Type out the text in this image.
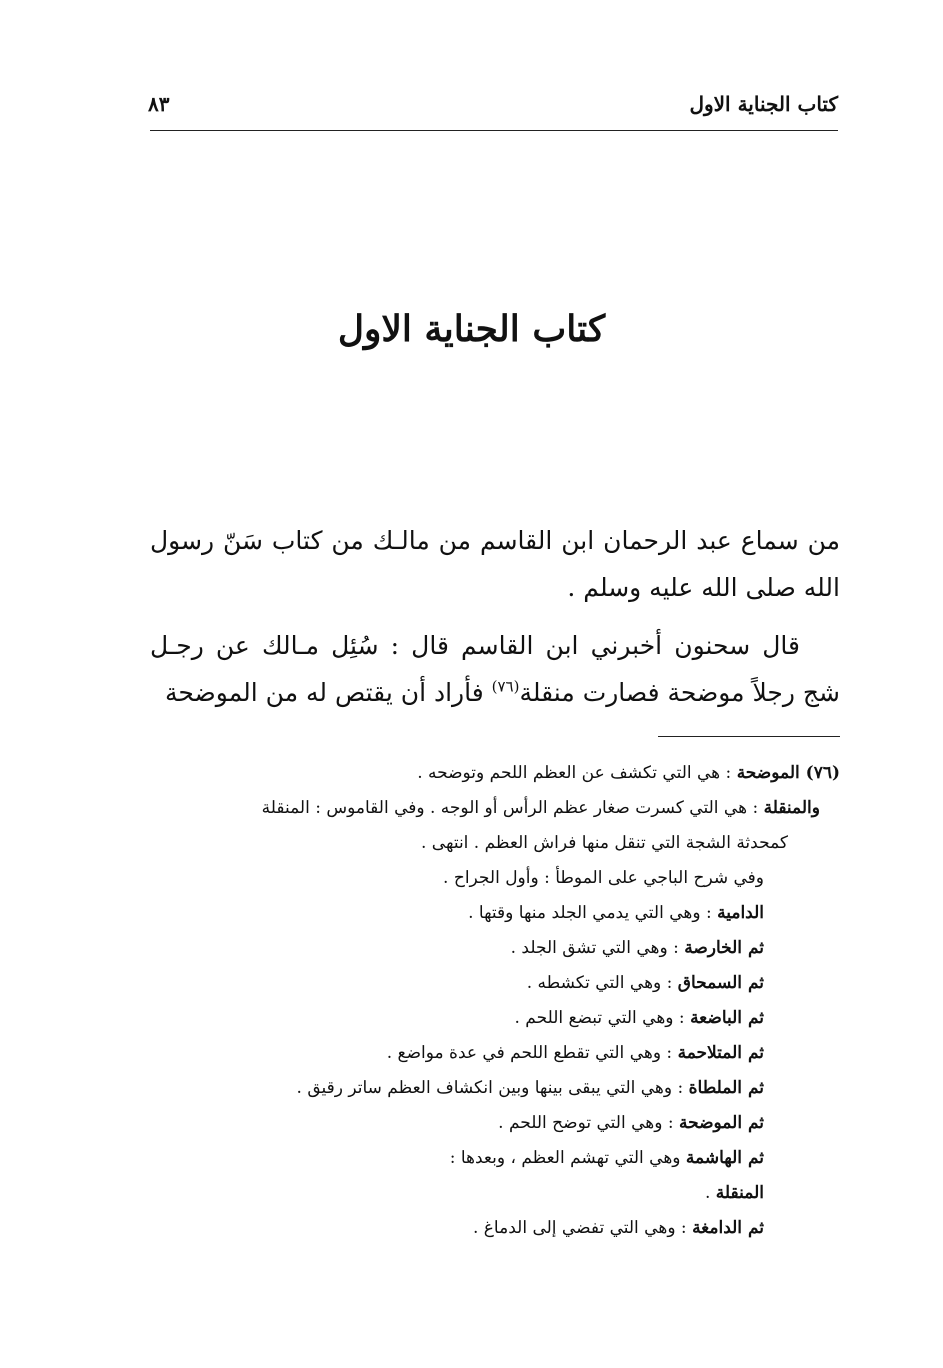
كتاب الجناية الاول
٨٣
كتاب الجناية الاول

من سماع عبد الرحمان ابن القاسم من مالـك من كتاب سَنّ رسول الله صلى الله عليه وسلم .

قال سحنون أخبرني ابن القاسم قال : سُئِل مـالك عن رجـل شج رجلاً موضحة فصارت منقلة$^{(٧٦)}$ فأراد أن يقتص له من الموضحة

(٧٦) الموضحة : هي التي تكشف عن العظم اللحم وتوضحه .
والمنقلة : هي التي كسرت صغار عظم الرأس أو الوجه . وفي القاموس : المنقلة
كمحدثة الشجة التي تنقل منها فراش العظم . انتهى .
وفي شرح الباجي على الموطأ : وأول الجراح .
الدامية : وهي التي يدمي الجلد منها وقتها .
ثم الخارصة : وهي التي تشق الجلد .
ثم السمحاق : وهي التي تكشطه .
ثم الباضعة : وهي التي تبضع اللحم .
ثم المتلاحمة : وهي التي تقطع اللحم في عدة مواضع .
ثم الملطاة : وهي التي يبقى بينها وبين انكشاف العظم ساتر رقيق .
ثم الموضحة : وهي التي توضح اللحم .
ثم الهاشمة وهي التي تهشم العظم ، وبعدها :
المنقلة .
ثم الدامغة : وهي التي تفضي إلى الدماغ .
